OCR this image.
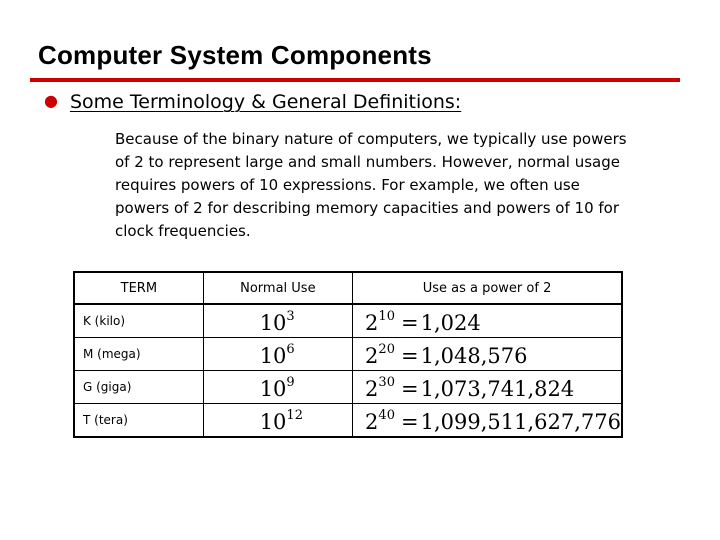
Computer System Components
● Some Terminology & General Definitions:
Because of the binary nature of computers, we typically use powers of 2 to represent large and small numbers. However, normal usage requires powers of 10 expressions. For example, we often use powers of 2 for describing memory capacities and powers of 10 for clock frequencies.
TERM	Normal Use	Use as a power of 2
K (kilo)	$10^3$	$2^{10} =1,024$
M (mega)	$10^6$	$2^{20} =1,048,576$
G (giga)	$10^9$	$2^{30} =1,073,741,824$
T (tera)	$10^{12}$	$2^{40} =1,099,511,627,776$
